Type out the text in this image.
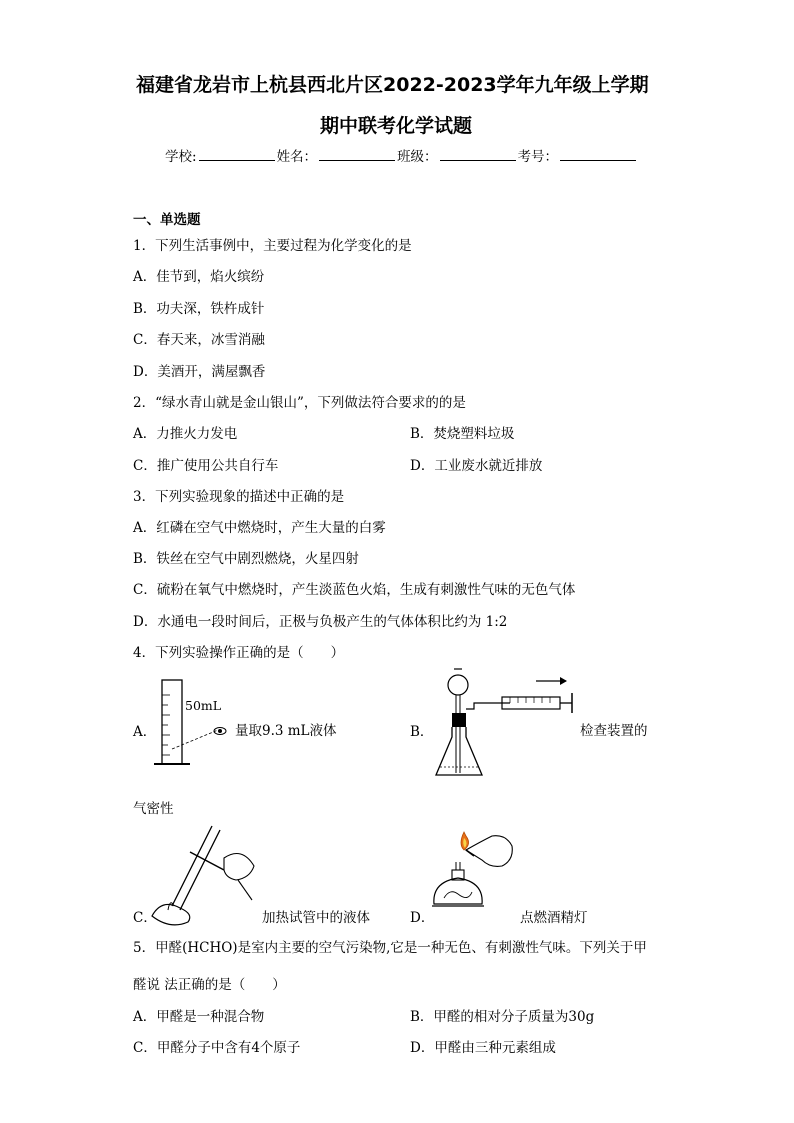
福建省龙岩市上杭县西北片区2022-2023学年九年级上学期
期中联考化学试题
学校:	姓名：	班级：	考号：
一、单选题
1．下列生活事例中，主要过程为化学变化的是
A．佳节到，焰火缤纷
B．功夫深，铁杵成针
C．春天来，冰雪消融
D．美酒开，满屋飘香
2．“绿水青山就是金山银山”，下列做法符合要求的的是
A．力推火力发电	B．焚烧塑料垃圾
C．推广使用公共自行车	D．工业废水就近排放
3．下列实验现象的描述中正确的是
A．红磷在空气中燃烧时，产生大量的白雾
B．铁丝在空气中剧烈燃烧，火星四射
C．硫粉在氧气中燃烧时，产生淡蓝色火焰，生成有刺激性气味的无色气体
D．水通电一段时间后，正极与负极产生的气体体积比约为 1:2
4．下列实验操作正确的是（　　）
A．
50mL
量取9.3 mL液体	B．	检查装置的
气密性
C．	加热试管中的液体	D．	点燃酒精灯
5．甲醛(HCHO)是室内主要的空气污染物,它是一种无色、有刺激性气味。下列关于甲
醛说 法正确的是（　　）
A．甲醛是一种混合物	B．甲醛的相对分子质量为30g
C．甲醛分子中含有4个原子	D．甲醛由三种元素组成
